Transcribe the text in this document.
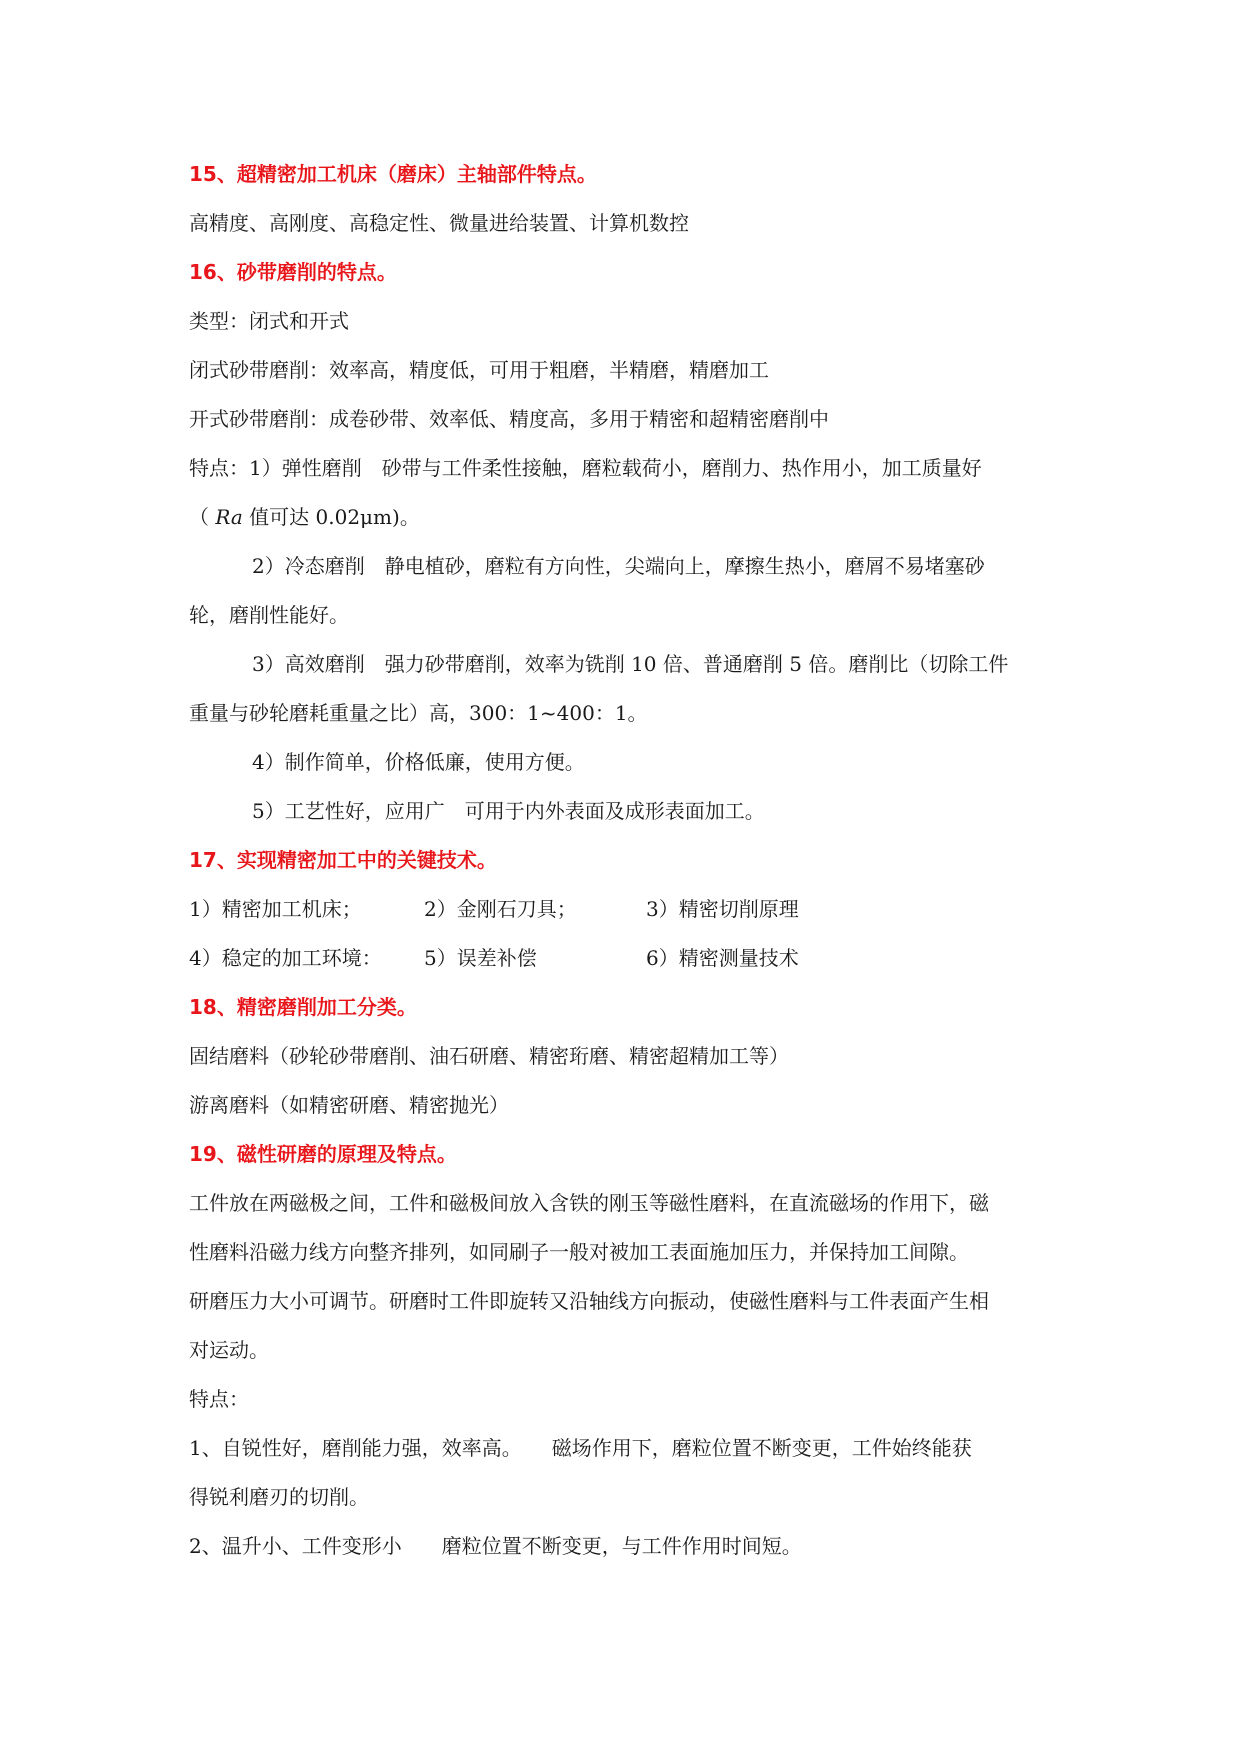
15、超精密加工机床（磨床）主轴部件特点。

高精度、高刚度、高稳定性、微量进给装置、计算机数控

16、砂带磨削的特点。

类型：闭式和开式

闭式砂带磨削：效率高，精度低，可用于粗磨，半精磨，精磨加工

开式砂带磨削：成卷砂带、效率低、精度高，多用于精密和超精密磨削中

特点：1）弹性磨削　砂带与工件柔性接触，磨粒载荷小，磨削力、热作用小，加工质量好

（ Ra 值可达 0.02μm)。

2）冷态磨削　静电植砂，磨粒有方向性，尖端向上，摩擦生热小，磨屑不易堵塞砂

轮，磨削性能好。

3）高效磨削　强力砂带磨削，效率为铣削 10 倍、普通磨削 5 倍。磨削比（切除工件

重量与砂轮磨耗重量之比）高，300：1~400：1。

4）制作简单，价格低廉，使用方便。

5）工艺性好，应用广　可用于内外表面及成形表面加工。

17、实现精密加工中的关键技术。

1）精密加工机床；	2）金刚石刀具；	3）精密切削原理
4）稳定的加工环境： 5）误差补偿	6）精密测量技术

18、精密磨削加工分类。

固结磨料（砂轮砂带磨削、油石研磨、精密珩磨、精密超精加工等）

游离磨料（如精密研磨、精密抛光）

19、磁性研磨的原理及特点。

工件放在两磁极之间，工件和磁极间放入含铁的刚玉等磁性磨料，在直流磁场的作用下，磁

性磨料沿磁力线方向整齐排列，如同刷子一般对被加工表面施加压力，并保持加工间隙。

研磨压力大小可调节。研磨时工件即旋转又沿轴线方向振动，使磁性磨料与工件表面产生相

对运动。

特点：

1、自锐性好，磨削能力强，效率高。　　磁场作用下，磨粒位置不断变更，工件始终能获

得锐利磨刃的切削。

2、温升小、工件变形小　　磨粒位置不断变更，与工件作用时间短。
